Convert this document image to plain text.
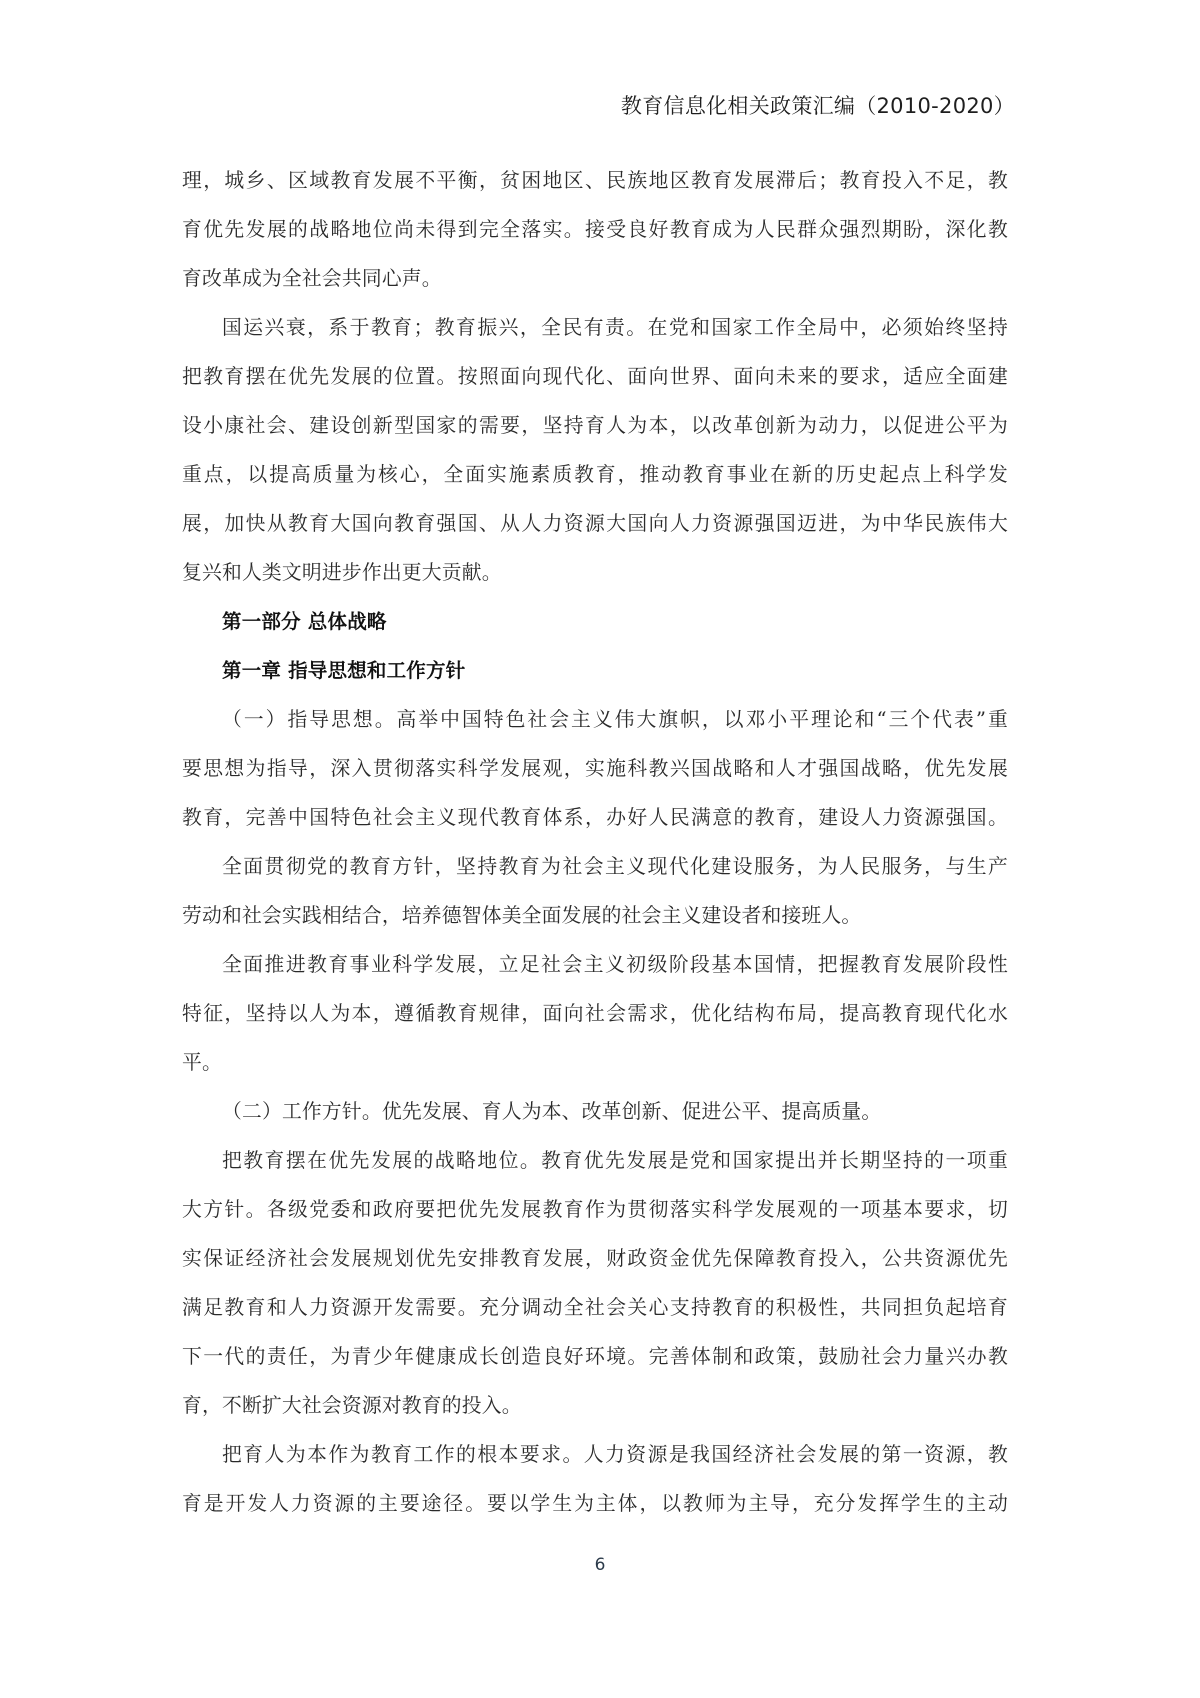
教育信息化相关政策汇编（2010-2020）
理，城乡、区域教育发展不平衡，贫困地区、民族地区教育发展滞后；教育投入不足，教
育优先发展的战略地位尚未得到完全落实。接受良好教育成为人民群众强烈期盼，深化教
育改革成为全社会共同心声。
国运兴衰，系于教育；教育振兴，全民有责。在党和国家工作全局中，必须始终坚持
把教育摆在优先发展的位置。按照面向现代化、面向世界、面向未来的要求，适应全面建
设小康社会、建设创新型国家的需要，坚持育人为本，以改革创新为动力，以促进公平为
重点，以提高质量为核心，全面实施素质教育，推动教育事业在新的历史起点上科学发
展，加快从教育大国向教育强国、从人力资源大国向人力资源强国迈进，为中华民族伟大
复兴和人类文明进步作出更大贡献。
第一部分 总体战略
第一章 指导思想和工作方针
（一）指导思想。高举中国特色社会主义伟大旗帜，以邓小平理论和“三个代表”重
要思想为指导，深入贯彻落实科学发展观，实施科教兴国战略和人才强国战略，优先发展
教育，完善中国特色社会主义现代教育体系，办好人民满意的教育，建设人力资源强国。
全面贯彻党的教育方针，坚持教育为社会主义现代化建设服务，为人民服务，与生产
劳动和社会实践相结合，培养德智体美全面发展的社会主义建设者和接班人。
全面推进教育事业科学发展，立足社会主义初级阶段基本国情，把握教育发展阶段性
特征，坚持以人为本，遵循教育规律，面向社会需求，优化结构布局，提高教育现代化水
平。
（二）工作方针。优先发展、育人为本、改革创新、促进公平、提高质量。
把教育摆在优先发展的战略地位。教育优先发展是党和国家提出并长期坚持的一项重
大方针。各级党委和政府要把优先发展教育作为贯彻落实科学发展观的一项基本要求，切
实保证经济社会发展规划优先安排教育发展，财政资金优先保障教育投入，公共资源优先
满足教育和人力资源开发需要。充分调动全社会关心支持教育的积极性，共同担负起培育
下一代的责任，为青少年健康成长创造良好环境。完善体制和政策，鼓励社会力量兴办教
育，不断扩大社会资源对教育的投入。
把育人为本作为教育工作的根本要求。人力资源是我国经济社会发展的第一资源，教
育是开发人力资源的主要途径。要以学生为主体，以教师为主导，充分发挥学生的主动
6
